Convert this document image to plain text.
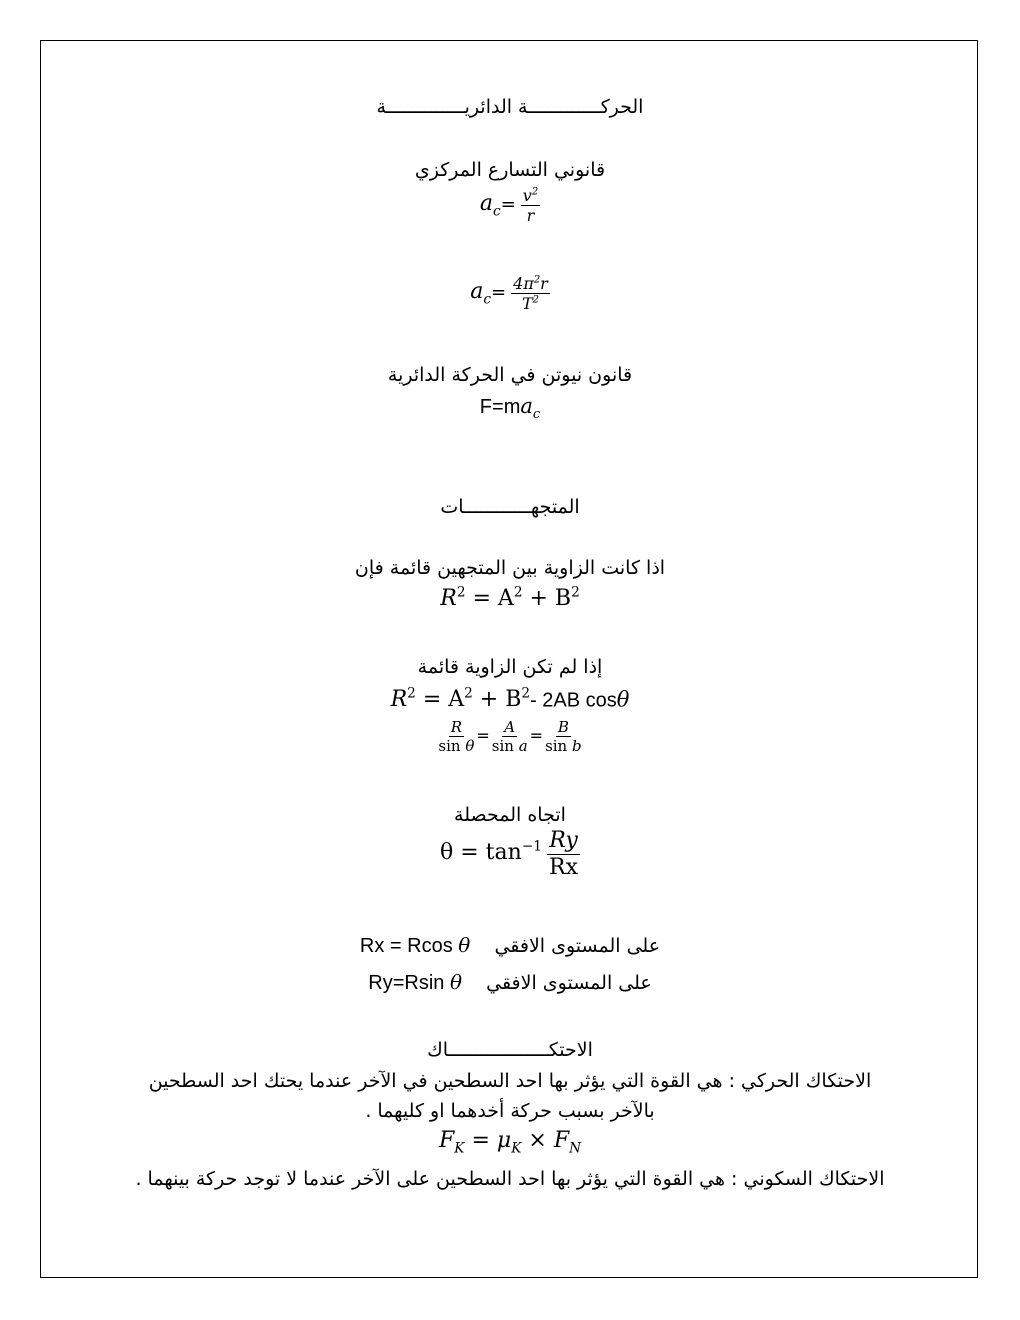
الحركـــــــــــــة الدائريــــــــــــــة
قانوني التسارع المركزي
$a_c= \frac{v^2}{r}$
$a_c= \frac{4\pi^2r}{T^2}$
قانون نيوتن في الحركة الدائرية
$F=ma_c$
المتجهــــــــــــات
اذا كانت الزاوية بين المتجهين قائمة فإن
$R^2 = A^2 + B^2$
إذا لم تكن الزاوية قائمة
$R^2 = A^2 + B^2-$ 2AB cosθ
$\frac{R}{\text{sin θ}} = \frac{A}{\text{sin a}} = \frac{B}{\text{sin b}}$
اتجاه المحصلة
$\theta = \tan^{-1} \frac{Ry}{Rx}$
على المستوى الافقي  Rx = Rcos θ
على المستوى الافقي  Ry=Rsin θ
الاحتكــــــــــــــــــاك
الاحتكاك الحركي : هي القوة التي يؤثر بها احد السطحين في الآخر عندما يحتك احد السطحين
بالآخر بسبب حركة أخدهما او كليهما .
$F_K = \mu_K \times F_N$
الاحتكاك السكوني : هي القوة التي يؤثر بها احد السطحين على الآخر عندما لا توجد حركة بينهما .
